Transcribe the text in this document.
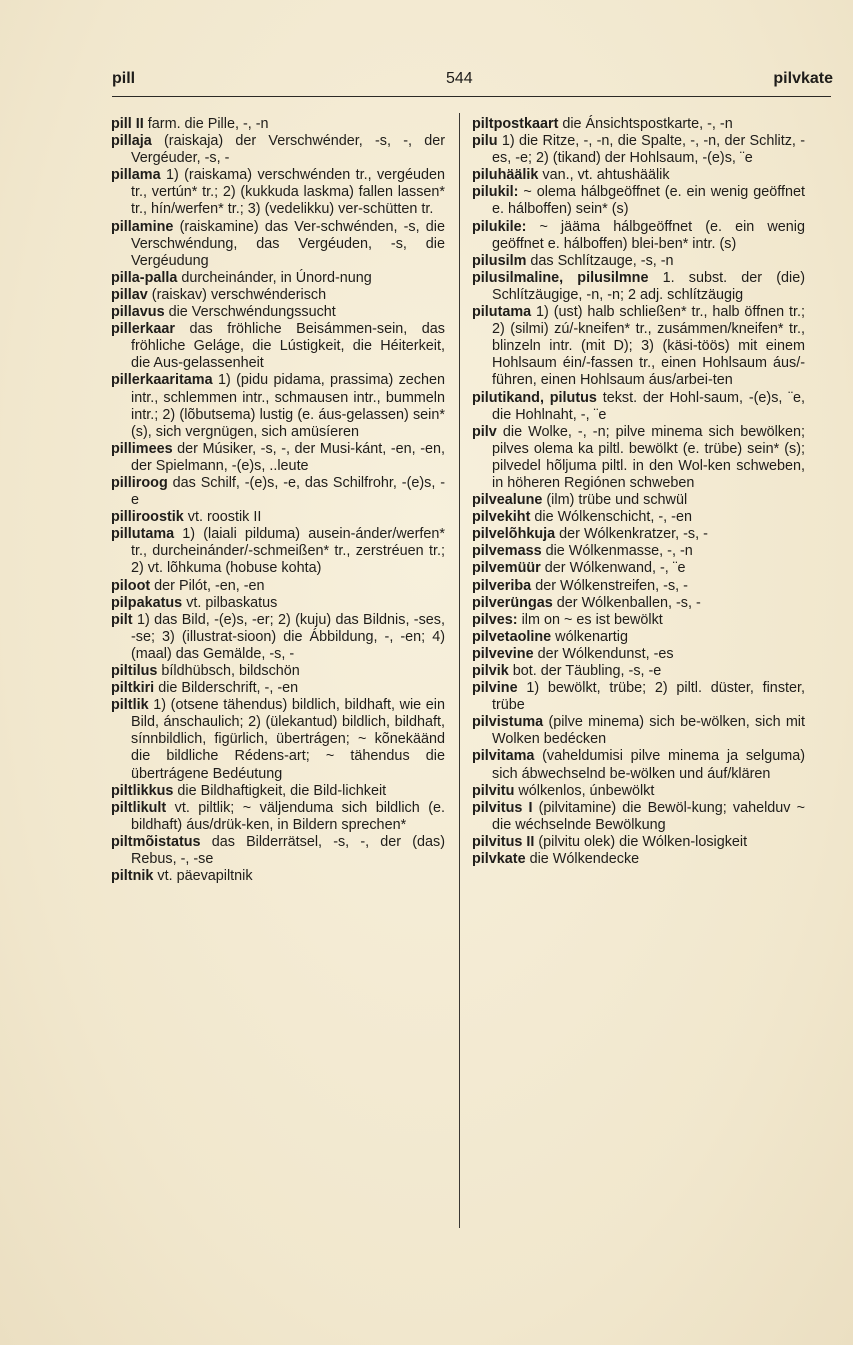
pill	544	pilvkate

pill II farm. die Pille, -, -n

pillaja (raiskaja) der Verschwénder, -s, -, der Vergéuder, -s, -

pillama 1) (raiskama) verschwénden tr., vergéuden tr., vertún* tr.; 2) (kukkuda laskma) fallen lassen* tr., hín/werfen* tr.; 3) (vedelikku) ver-schütten tr.

pillamine (raiskamine) das Ver-schwénden, -s, die Verschwéndung, das Vergéuden, -s, die Vergéudung

pilla-palla durcheinánder, in Únord-nung

pillav (raiskav) verschwénderisch

pillavus die Verschwéndungssucht

pillerkaar das fröhliche Beisámmen-sein, das fröhliche Geláge, die Lústigkeit, die Héiterkeit, die Aus-gelassenheit

pillerkaaritama 1) (pidu pidama, prassima) zechen intr., schlemmen intr., schmausen intr., bummeln intr.; 2) (lõbutsema) lustig (e. áus-gelassen) sein* (s), sich vergnügen, sich amüsíeren

pillimees der Músiker, -s, -, der Musi-kánt, -en, -en, der Spielmann, -(e)s, ..leute

pilliroog das Schilf, -(e)s, -e, das Schilfrohr, -(e)s, -e

pilliroostik vt. roostik II

pillutama 1) (laiali pilduma) ausein-ánder/werfen* tr., durcheinánder/-schmeißen* tr., zerstréuen tr.; 2) vt. lõhkuma (hobuse kohta)

piloot der Pilót, -en, -en

pilpakatus vt. pilbaskatus

pilt 1) das Bild, -(e)s, -er; 2) (kuju) das Bildnis, -ses, -se; 3) (illustrat-sioon) die Ábbildung, -, -en; 4) (maal) das Gemälde, -s, -

piltilus bíldhübsch, bildschön

piltkiri die Bilderschrift, -, -en

piltlik 1) (otsene tähendus) bildlich, bildhaft, wie ein Bild, ánschaulich; 2) (ülekantud) bildlich, bildhaft, sínnbildlich, figürlich, übertrágen; ~ kõnekäänd die bildliche Rédens-art; ~ tähendus die übertrágene Bedéutung

piltlikkus die Bildhaftigkeit, die Bild-lichkeit

piltlikult vt. piltlik; ~ väljenduma sich bildlich (e. bildhaft) áus/drük-ken, in Bildern sprechen*

piltmõistatus das Bilderrätsel, -s, -, der (das) Rebus, -, -se

piltnik vt. päevapiltnik

piltpostkaart die Ánsichtspostkarte, -, -n

pilu 1) die Ritze, -, -n, die Spalte, -, -n, der Schlitz, -es, -e; 2) (tikand) der Hohlsaum, -(e)s, ¨e

piluhäälik van., vt. ahtushäälik

pilukil: ~ olema hálbgeöffnet (e. ein wenig geöffnet e. hálboffen) sein* (s)

pilukile: ~ jääma hálbgeöffnet (e. ein wenig geöffnet e. hálboffen) blei-ben* intr. (s)

pilusilm das Schlítzauge, -s, -n

pilusilmaline, pilusilmne 1. subst. der (die) Schlítzäugige, -n, -n; 2 adj. schlítzäugig

pilutama 1) (ust) halb schließen* tr., halb öffnen tr.; 2) (silmi) zú/-kneifen* tr., zusámmen/kneifen* tr., blinzeln intr. (mit D); 3) (käsi-töös) mit einem Hohlsaum éin/-fassen tr., einen Hohlsaum áus/-führen, einen Hohlsaum áus/arbei-ten

pilutikand, pilutus tekst. der Hohl-saum, -(e)s, ¨e, die Hohlnaht, -, ¨e

pilv die Wolke, -, -n; pilve minema sich bewölken; pilves olema ka piltl. bewölkt (e. trübe) sein* (s); pilvedel hõljuma piltl. in den Wol-ken schweben, in höheren Regiónen schweben

pilvealune (ilm) trübe und schwül

pilvekiht die Wólkenschicht, -, -en

pilvelõhkuja der Wólkenkratzer, -s, -

pilvemass die Wólkenmasse, -, -n

pilvemüür der Wólkenwand, -, ¨e

pilveriba der Wólkenstreifen, -s, -

pilverüngas der Wólkenballen, -s, -

pilves: ilm on ~ es ist bewölkt

pilvetaoline wólkenartig

pilvevine der Wólkendunst, -es

pilvik bot. der Täubling, -s, -e

pilvine 1) bewölkt, trübe; 2) piltl. düster, finster, trübe

pilvistuma (pilve minema) sich be-wölken, sich mit Wolken bedécken

pilvitama (vaheldumisi pilve minema ja selguma) sich ábwechselnd be-wölken und áuf/klären

pilvitu wólkenlos, únbewölkt

pilvitus I (pilvitamine) die Bewöl-kung; vahelduv ~ die wéchselnde Bewölkung

pilvitus II (pilvitu olek) die Wólken-losigkeit

pilvkate die Wólkendecke
